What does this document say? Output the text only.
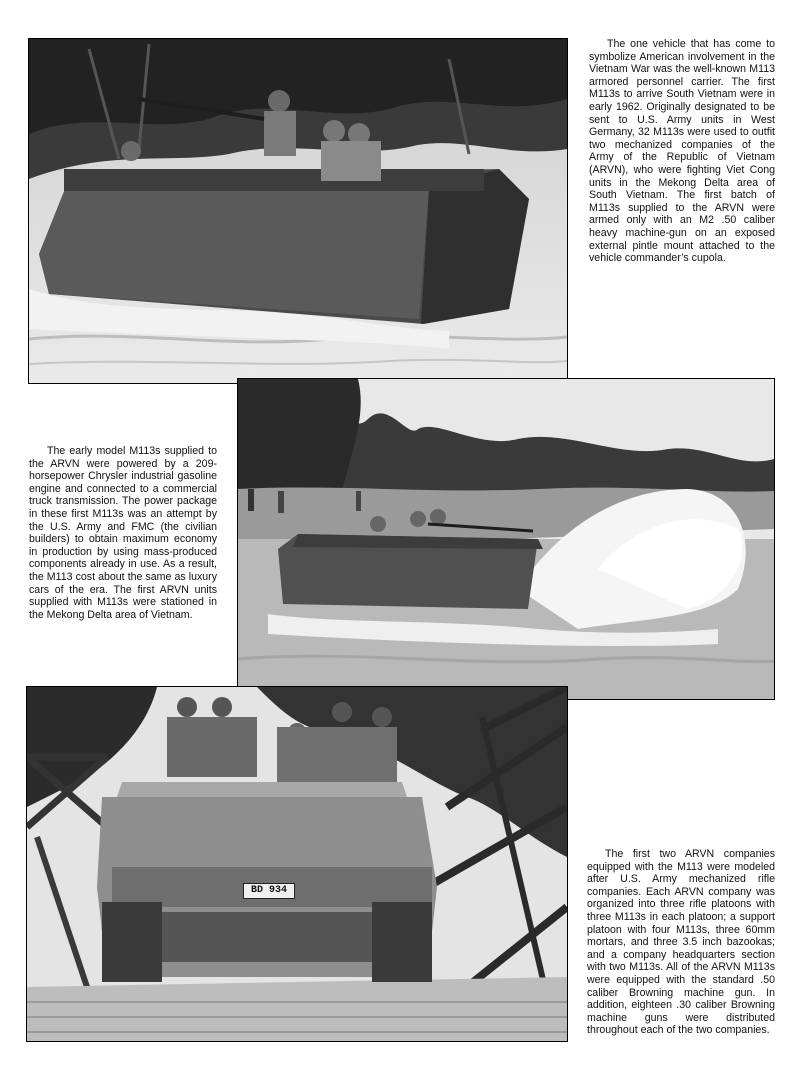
The one vehicle that has come to symbolize American involvement in the Vietnam War was the well-known M113 armored personnel carrier. The first M113s to arrive South Vietnam were in early 1962. Originally designated to be sent to U.S. Army units in West Germany, 32 M113s were used to outfit two mechanized companies of the Army of the Republic of Vietnam (ARVN), who were fighting Viet Cong units in the Mekong Delta area of South Vietnam. The first batch of M113s supplied to the ARVN were armed only with an M2 .50 caliber heavy machine-gun on an exposed external pintle mount attached to the vehicle commander’s cupola.

The early model M113s supplied to the ARVN were powered by a 209-horsepower Chrysler industrial gasoline engine and connected to a commercial truck transmission. The power package in these first M113s was an attempt by the U.S. Army and FMC (the civilian builders) to obtain maximum economy in production by using mass-produced components already in use. As a result, the M113 cost about the same as luxury cars of the era. The first ARVN units supplied with M113s were stationed in the Mekong Delta area of Vietnam.

BD 934

The first two ARVN companies equipped with the M113 were modeled after U.S. Army mechanized rifle companies. Each ARVN company was organized into three rifle platoons with three M113s in each platoon; a support platoon with four M113s, three 60mm mortars, and three 3.5 inch bazookas; and a company headquarters section with two M113s. All of the ARVN M113s were equipped with the standard .50 caliber Browning machine gun. In addition, eighteen .30 caliber Browning machine guns were distributed throughout each of the two companies.
